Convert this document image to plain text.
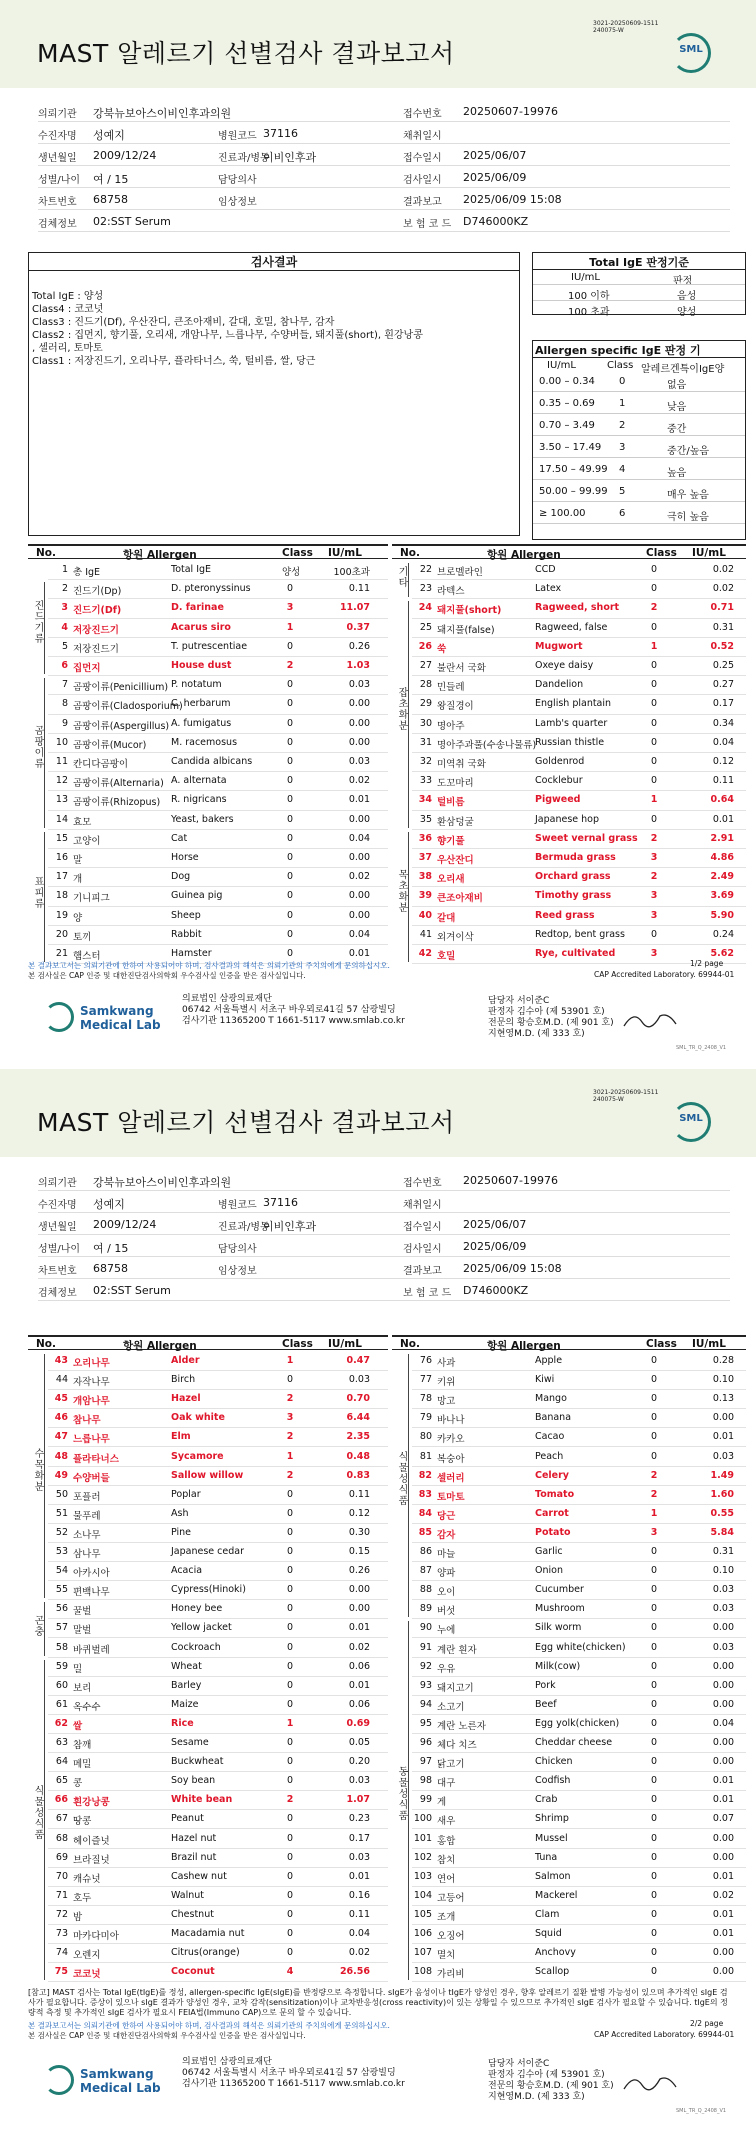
MAST 알레르기 선별검사 결과보고서
3021-20250609-1511
240075-W
SML
의뢰기관 강북뉴보아스이비인후과의원	접수번호 20250607-19976
수진자명 성예지	병원코드 37116	채취일시
생년월일 2009/12/24	진료과/병동
이비인후과	접수일시 2025/06/07
성별/나이 여 / 15	담당의사	검사일시 2025/06/09
차트번호 68758	임상정보	결과보고 2025/06/09 15:08
검체정보 02:SST Serum	보 험 코 드 D746000KZ
검사결과
Total IgE : 양성
Class4 : 코코넛
Class3 : 진드기(Df), 우산잔디, 큰조아재비, 갈대, 호밀, 참나무, 감자
Class2 : 집먼지, 향기풀, 오리새, 개암나무, 느릅나무, 수양버들, 돼지풀(short), 흰강낭콩
, 셀러리, 토마토
Class1 : 저장진드기, 오리나무, 플라타너스, 쑥, 털비름, 쌀, 당근
Total IgE 판정기준
IU/mL	판정
100 이하	음성
100 초과	양성
Allergen specific IgE 판정 기
IU/mL	Class 알레르겐특이IgE양
0.00 – 0.34 0	없음
0.35 – 0.69 1	낮음
0.70 – 3.49 2	중간
3.50 – 17.49 3	중간/높음
17.50 – 49.99 4	높음
50.00 – 99.99 5	매우 높음
≥ 100.00	6	극히 높음
No.	항원 Allergen	Class IU/mL
1 총 IgE	Total IgE	양성	100초과
2 진드기(Dp)	D. pteronyssinus	0	0.11
3 진드기(Df)	D. farinae	3	11.07
4 저장진드기	Acarus siro	1	0.37
5 저장진드기	T. putrescentiae	0	0.26
6 집먼지	House dust	2	1.03
7 곰팡이류(Penicillium) P. notatum	0	0.03
8 곰팡이류(Cladosporium)
C. herbarum	0	0.00
9 곰팡이류(Aspergillus) A. fumigatus	0	0.00
10 곰팡이류(Mucor)	M. racemosus	0	0.00
11 칸디다곰팡이	Candida albicans	0	0.03
12 곰팡이류(Alternaria) A. alternata	0	0.02
13 곰팡이류(Rhizopus)	R. nigricans	0	0.01
14 효모	Yeast, bakers	0	0.00
15 고양이	Cat	0	0.04
16 말	Horse	0	0.00
17 개	Dog	0	0.02
18 기니피그	Guinea pig	0	0.00
19 양	Sheep	0	0.00
20 토끼	Rabbit	0	0.04
21 햄스터	Hamster	0	0.01
진드기류
곰팡이류
표피류
No.	항원 Allergen	Class IU/mL
22 브로멜라인	CCD	0	0.02
23 라텍스	Latex	0	0.02
24 돼지풀(short)	Ragweed, short	2	0.71
25 돼지풀(false)	Ragweed, false	0	0.31
26 쑥	Mugwort	1	0.52
27 불란서 국화	Oxeye daisy	0	0.25
28 민들레	Dandelion	0	0.27
29 왕질경이	English plantain	0	0.17
30 명아주	Lamb's quarter	0	0.34
31 명아주과풀(수송나물류)
Russian thistle	0	0.04
32 미역취 국화	Goldenrod	0	0.12
33 도꼬마리	Cocklebur	0	0.11
34 털비름	Pigweed	1	0.64
35 환삼덩굴	Japanese hop	0	0.01
36 향기풀	Sweet vernal grass	2	2.91
37 우산잔디	Bermuda grass	3	4.86
38 오리새	Orchard grass	2	2.49
39 큰조아재비	Timothy grass	3	3.69
40 갈대	Reed grass	3	5.90
41 외겨이삭	Redtop, bent grass	0	0.24
42 호밀	Rye, cultivated	3	5.62
기타
잡초화분
목초화분
본 결과보고서는 의뢰기관에 한하여 사용되어야 하며, 검사결과의 해석은 의뢰기관의 주치의에게 문의하십시오.
본 검사실은 CAP 인증 및 대한진단검사의학회 우수검사실 인증을 받은 검사실입니다.
1/2 page
CAP Accredited Laboratory. 69944-01
Samkwang
Medical Lab
의료법인 삼광의료재단
06742 서울특별시 서초구 바우뫼로41길 57 삼광빌딩
검사기관 11365200 T 1661-5117 www.smlab.co.kr
담당자 서이준C
판정자 김수아 (제 53901 호)
전문의 황승호M.D. (제 901 호)
지현영M.D. (제 333 호)
SML_TR_Q_2408_V1
MAST 알레르기 선별검사 결과보고서
3021-20250609-1511
240075-W
SML
의뢰기관 강북뉴보아스이비인후과의원	접수번호 20250607-19976
수진자명 성예지	병원코드 37116	채취일시
생년월일 2009/12/24	진료과/병동
이비인후과	접수일시 2025/06/07
성별/나이 여 / 15	담당의사	검사일시 2025/06/09
차트번호 68758	임상정보	결과보고 2025/06/09 15:08
검체정보 02:SST Serum	보 험 코 드 D746000KZ
No.	항원 Allergen	Class IU/mL
43 오리나무	Alder	1	0.47
44 자작나무	Birch	0	0.03
45 개암나무	Hazel	2	0.70
46 참나무	Oak white	3	6.44
47 느릅나무	Elm	2	2.35
48 플라타너스	Sycamore	1	0.48
49 수양버들	Sallow willow	2	0.83
50 포플러	Poplar	0	0.11
51 물푸레	Ash	0	0.12
52 소나무	Pine	0	0.30
53 삼나무	Japanese cedar	0	0.15
54 아카시아	Acacia	0	0.26
55 편백나무	Cypress(Hinoki)	0	0.00
56 꿀벌	Honey bee	0	0.00
57 말벌	Yellow jacket	0	0.01
58 바퀴벌레	Cockroach	0	0.02
59 밀	Wheat	0	0.06
60 보리	Barley	0	0.01
61 옥수수	Maize	0	0.06
62 쌀	Rice	1	0.69
63 참깨	Sesame	0	0.05
64 메밀	Buckwheat	0	0.20
65 콩	Soy bean	0	0.03
66 흰강낭콩	White bean	2	1.07
67 땅콩	Peanut	0	0.23
68 헤이즐넛	Hazel nut	0	0.17
69 브라질넛	Brazil nut	0	0.03
70 캐슈넛	Cashew nut	0	0.01
71 호두	Walnut	0	0.16
72 밤	Chestnut	0	0.11
73 마카다미아	Macadamia nut	0	0.04
74 오렌지	Citrus(orange)	0	0.02
75 코코넛	Coconut	4	26.56
수목화분
곤충
식물성식품
No.	항원 Allergen	Class IU/mL
76 사과	Apple	0	0.28
77 키위	Kiwi	0	0.10
78 망고	Mango	0	0.13
79 바나나	Banana	0	0.00
80 카카오	Cacao	0	0.01
81 복숭아	Peach	0	0.03
82 셀러리	Celery	2	1.49
83 토마토	Tomato	2	1.60
84 당근	Carrot	1	0.55
85 감자	Potato	3	5.84
86 마늘	Garlic	0	0.31
87 양파	Onion	0	0.10
88 오이	Cucumber	0	0.03
89 버섯	Mushroom	0	0.03
90 누에	Silk worm	0	0.00
91 계란 흰자	Egg white(chicken)	0	0.03
92 우유	Milk(cow)	0	0.00
93 돼지고기	Pork	0	0.00
94 소고기	Beef	0	0.00
95 계란 노른자	Egg yolk(chicken)	0	0.04
96 체다 치즈	Cheddar cheese	0	0.00
97 닭고기	Chicken	0	0.00
98 대구	Codfish	0	0.01
99 게	Crab	0	0.01
100 새우	Shrimp	0	0.07
101 홍합	Mussel	0	0.00
102 참치	Tuna	0	0.00
103 연어	Salmon	0	0.01
104 고등어	Mackerel	0	0.02
105 조개	Clam	0	0.01
106 오징어	Squid	0	0.01
107 멸치	Anchovy	0	0.00
108 가리비	Scallop	0	0.00
식물성식품
동물성식품
[참고] MAST 검사는 Total IgE(tIgE)를 정성, allergen-specific IgE(sIgE)를 반정량으로 측정합니다. sIgE가 음성이나 tIgE가 양성인 경우, 향후 알레르기 질환 발병 가능성이 있으며 추가적인 sIgE 검사가 필요합니다. 증상이 있으나 sIgE 결과가 양성인 경우, 교차 감작(sensitization)이나 교차반응성(cross reactivity)이 있는 상황일 수 있으므로 추가적인 sIgE 검사가 필요할 수 있습니다. tIgE의 정량적 측정 및 추가적인 sIgE 검사가 필요시 FEIA법(Immuno CAP)으로 문의 할 수 있습니다.
본 결과보고서는 의뢰기관에 한하여 사용되어야 하며, 검사결과의 해석은 의뢰기관의 주치의에게 문의하십시오.
본 검사실은 CAP 인증 및 대한진단검사의학회 우수검사실 인증을 받은 검사실입니다.
2/2 page
CAP Accredited Laboratory. 69944-01
Samkwang
Medical Lab
의료법인 삼광의료재단
06742 서울특별시 서초구 바우뫼로41길 57 삼광빌딩
검사기관 11365200 T 1661-5117 www.smlab.co.kr
담당자 서이준C
판정자 김수아 (제 53901 호)
전문의 황승호M.D. (제 901 호)
지현영M.D. (제 333 호)
SML_TR_Q_2408_V1
